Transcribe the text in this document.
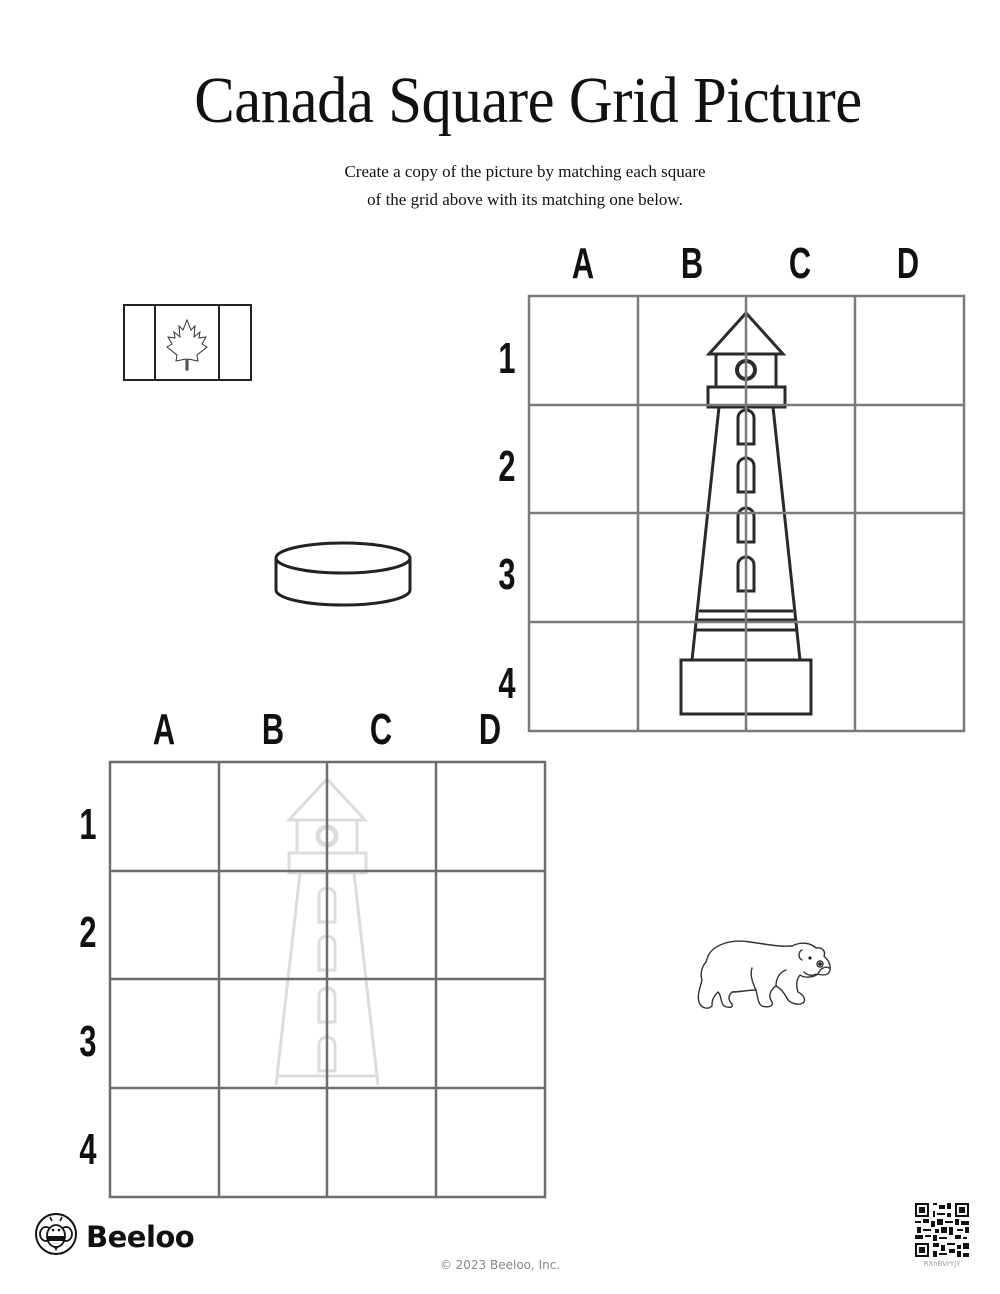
Canada Square Grid Picture
Create a copy of the picture by matching each square
of the grid above with its matching one below.
A B C D
1
2
3
4
A B C D
1
2
3
4
Beeloo
© 2023 Beeloo, Inc.	RXnBVrYjY
